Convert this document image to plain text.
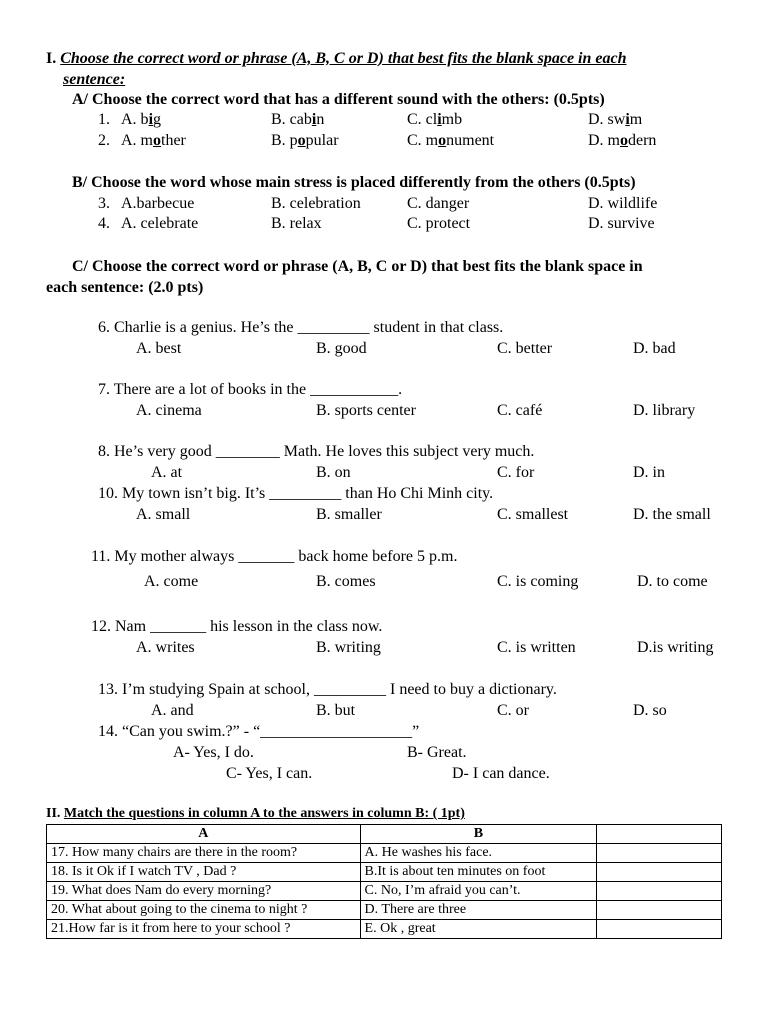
I. Choose the correct word or phrase (A, B, C or D) that best fits the blank space in each
sentence:
A/ Choose the correct word that has a different sound with the others: (0.5pts)
1. A. big	B. cabin	C. climb	D. swim
2. A. mother	B. popular	C. monument	D. modern
B/ Choose the word whose main stress is placed differently from the others (0.5pts)
3. A.barbecue	B. celebration	C. danger	D. wildlife
4. A. celebrate	B. relax	C. protect	D. survive
C/ Choose the correct word or phrase (A, B, C or D) that best fits the blank space in
each sentence: (2.0 pts)
6. Charlie is a genius. He’s the _________ student in that class.
A. best	B. good	C. better	D. bad
7. There are a lot of books in the ___________.
A. cinema	B. sports center	C. café	D. library
8. He’s very good ________ Math. He loves this subject very much.
A. at	B. on	C. for	D. in
10. My town isn’t big. It’s _________ than Ho Chi Minh city.
A. small	B. smaller	C. smallest	D. the small
11. My mother always _______ back home before 5 p.m.
A. come	B. comes	C. is coming	D. to come
12. Nam _______ his lesson in the class now.
A. writes	B. writing	C. is written	D.is writing
13. I’m studying Spain at school, _________ I need to buy a dictionary.
A. and	B. but	C. or	D. so
14. “Can you swim.?” - “___________________”
A- Yes, I do.	B- Great.
C- Yes, I can.	D- I can dance.
II. Match the questions in column A to the answers in column B: ( 1pt)
A	B	
17. How many chairs are there in the room?	A. He washes his face.	
18. Is it Ok if I watch TV , Dad ?	B.It is about ten minutes on foot	
19. What does Nam do every morning?	C. No, I’m afraid you can’t.	
20. What about going to the cinema to night ?	D. There are three	
21.How far is it from here to your school ?	E. Ok , great	
